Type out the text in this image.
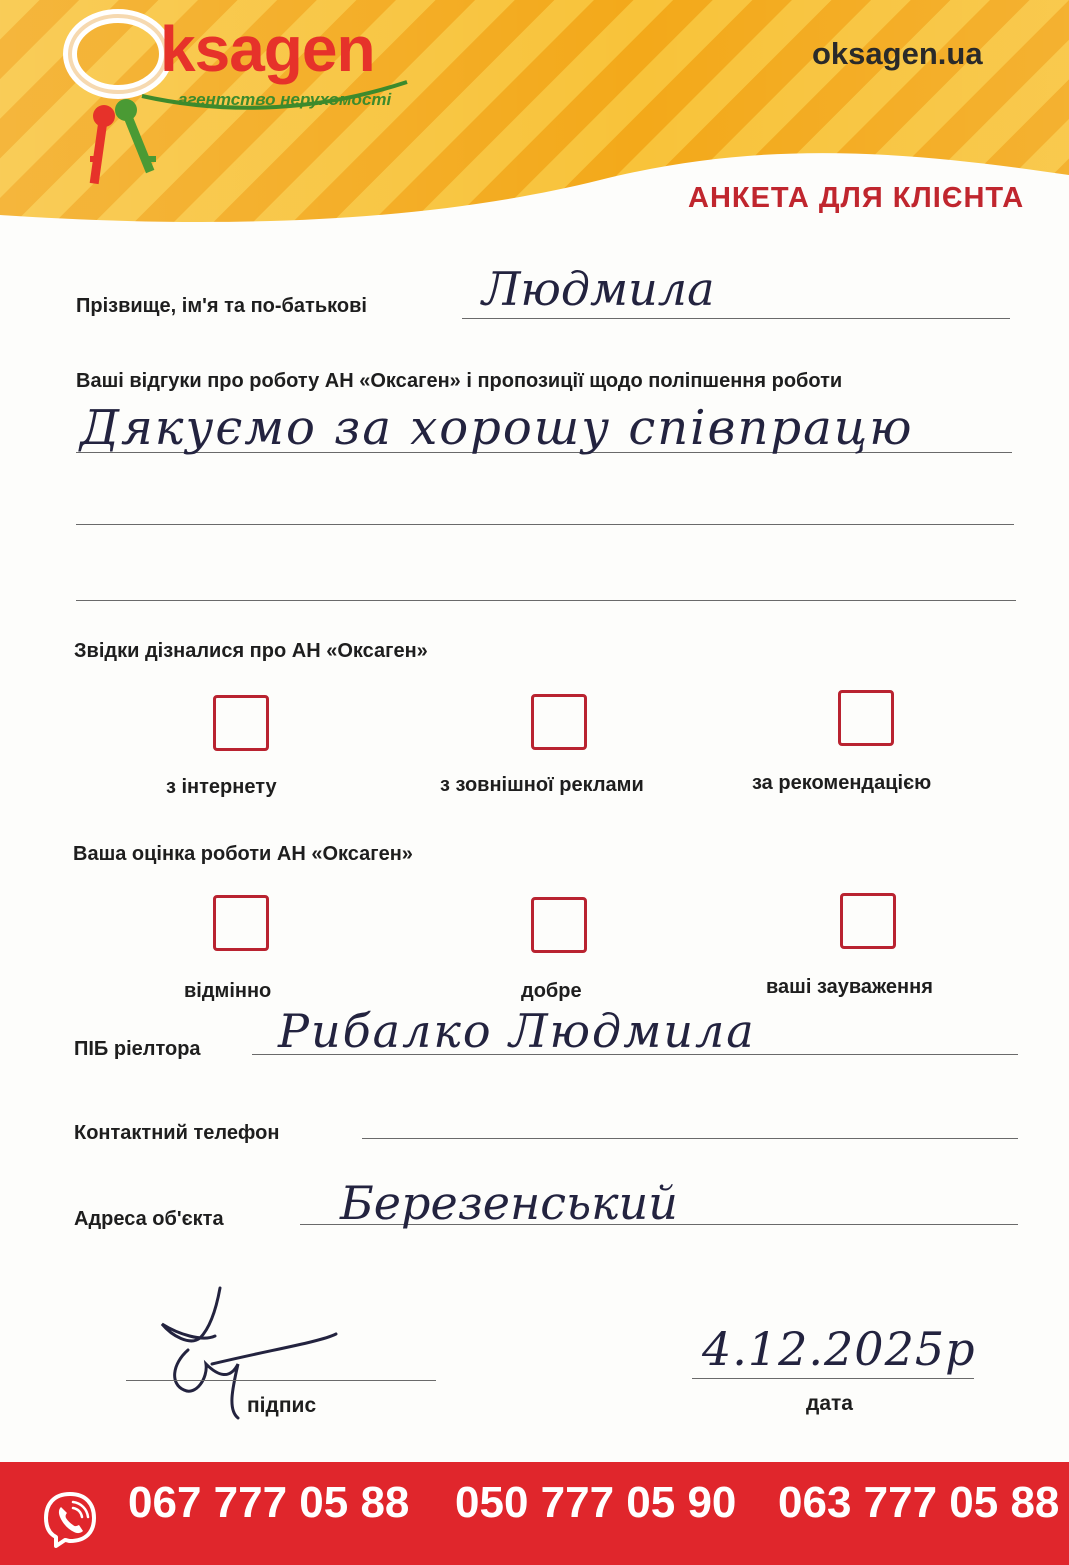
ksagen
агентство нерухомості
oksagen.ua
АНКЕТА ДЛЯ КЛІЄНТА
Прізвище, ім'я та по-батькові	Людмила
Ваші відгуки про роботу АН «Оксаген» і пропозиції щодо поліпшення роботи
Дякуємо за хорошу співпрацю
Звідки дізналися про АН «Оксаген»
з інтернету	з зовнішної реклами	за рекомендацією
Ваша оцінка роботи АН «Оксаген»
відмінно	добре	ваші зауваження
ПІБ ріелтора Рибалко Людмила
Контактний телефон
Адреса об'єкта	Березенський
підпис
4.12.2025р
дата
067 777 05 88 050 777 05 90 063 777 05 88
